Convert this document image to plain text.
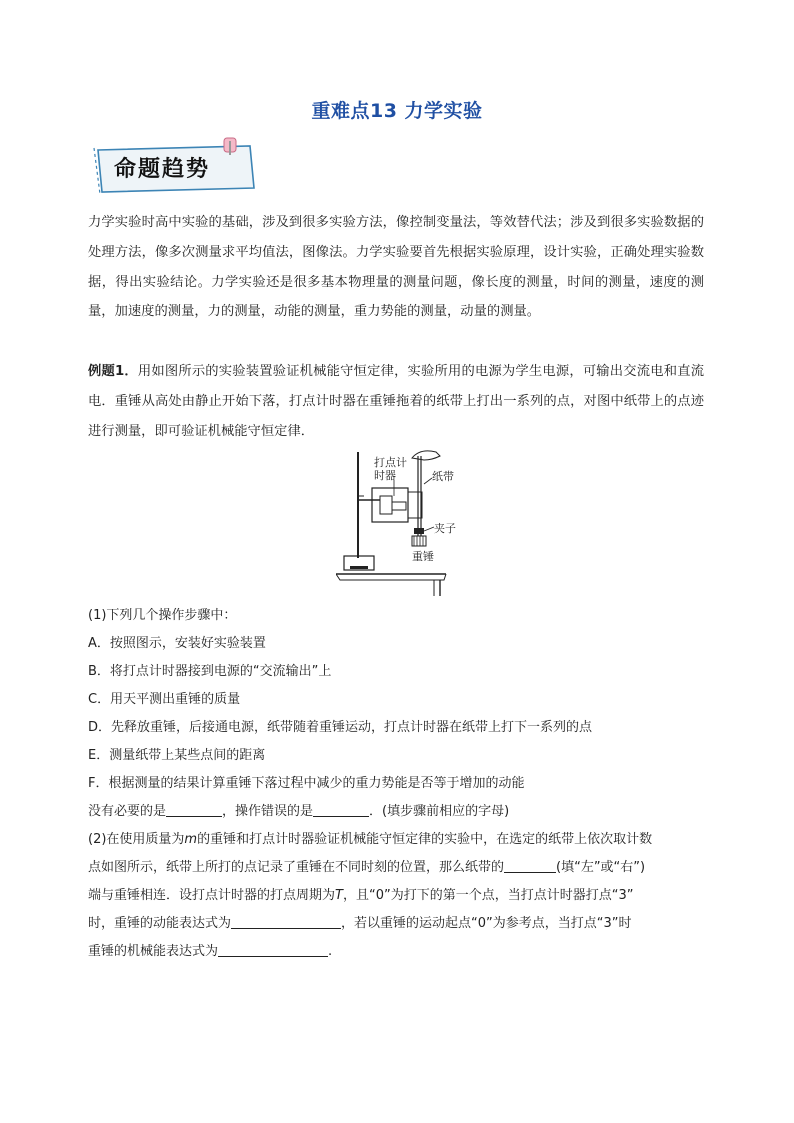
重难点13 力学实验
命题趋势

力学实验时高中实验的基础，涉及到很多实验方法，像控制变量法，等效替代法；涉及到很多实验数据的处理方法，像多次测量求平均值法，图像法。力学实验要首先根据实验原理，设计实验，正确处理实验数据，得出实验结论。力学实验还是很多基本物理量的测量问题，像长度的测量，时间的测量，速度的测量，加速度的测量，力的测量，动能的测量，重力势能的测量，动量的测量。

例题1．用如图所示的实验装置验证机械能守恒定律，实验所用的电源为学生电源，可输出交流电和直流电．重锤从高处由静止开始下落，打点计时器在重锤拖着的纸带上打出一系列的点，对图中纸带上的点迹进行测量，即可验证机械能守恒定律．

打点计
时器	纸带
夹子
重锤

(1)下列几个操作步骤中：

A．按照图示，安装好实验装置

B．将打点计时器接到电源的“交流输出”上

C．用天平测出重锤的质量

D．先释放重锤，后接通电源，纸带随着重锤运动，打点计时器在纸带上打下一系列的点

E．测量纸带上某些点间的距离

F．根据测量的结果计算重锤下落过程中减少的重力势能是否等于增加的动能

没有必要的是	，操作错误的是	．(填步骤前相应的字母)

(2)在使用质量为m的重锤和打点计时器验证机械能守恒定律的实验中，在选定的纸带上依次取计数

点如图所示，纸带上所打的点记录了重锤在不同时刻的位置，那么纸带的	(填“左”或“右”)

端与重锤相连．设打点计时器的打点周期为T，且“0”为打下的第一个点，当打点计时器打点“3”

时，重锤的动能表达式为	，若以重锤的运动起点“0”为参考点，当打点“3”时

重锤的机械能表达式为	.
